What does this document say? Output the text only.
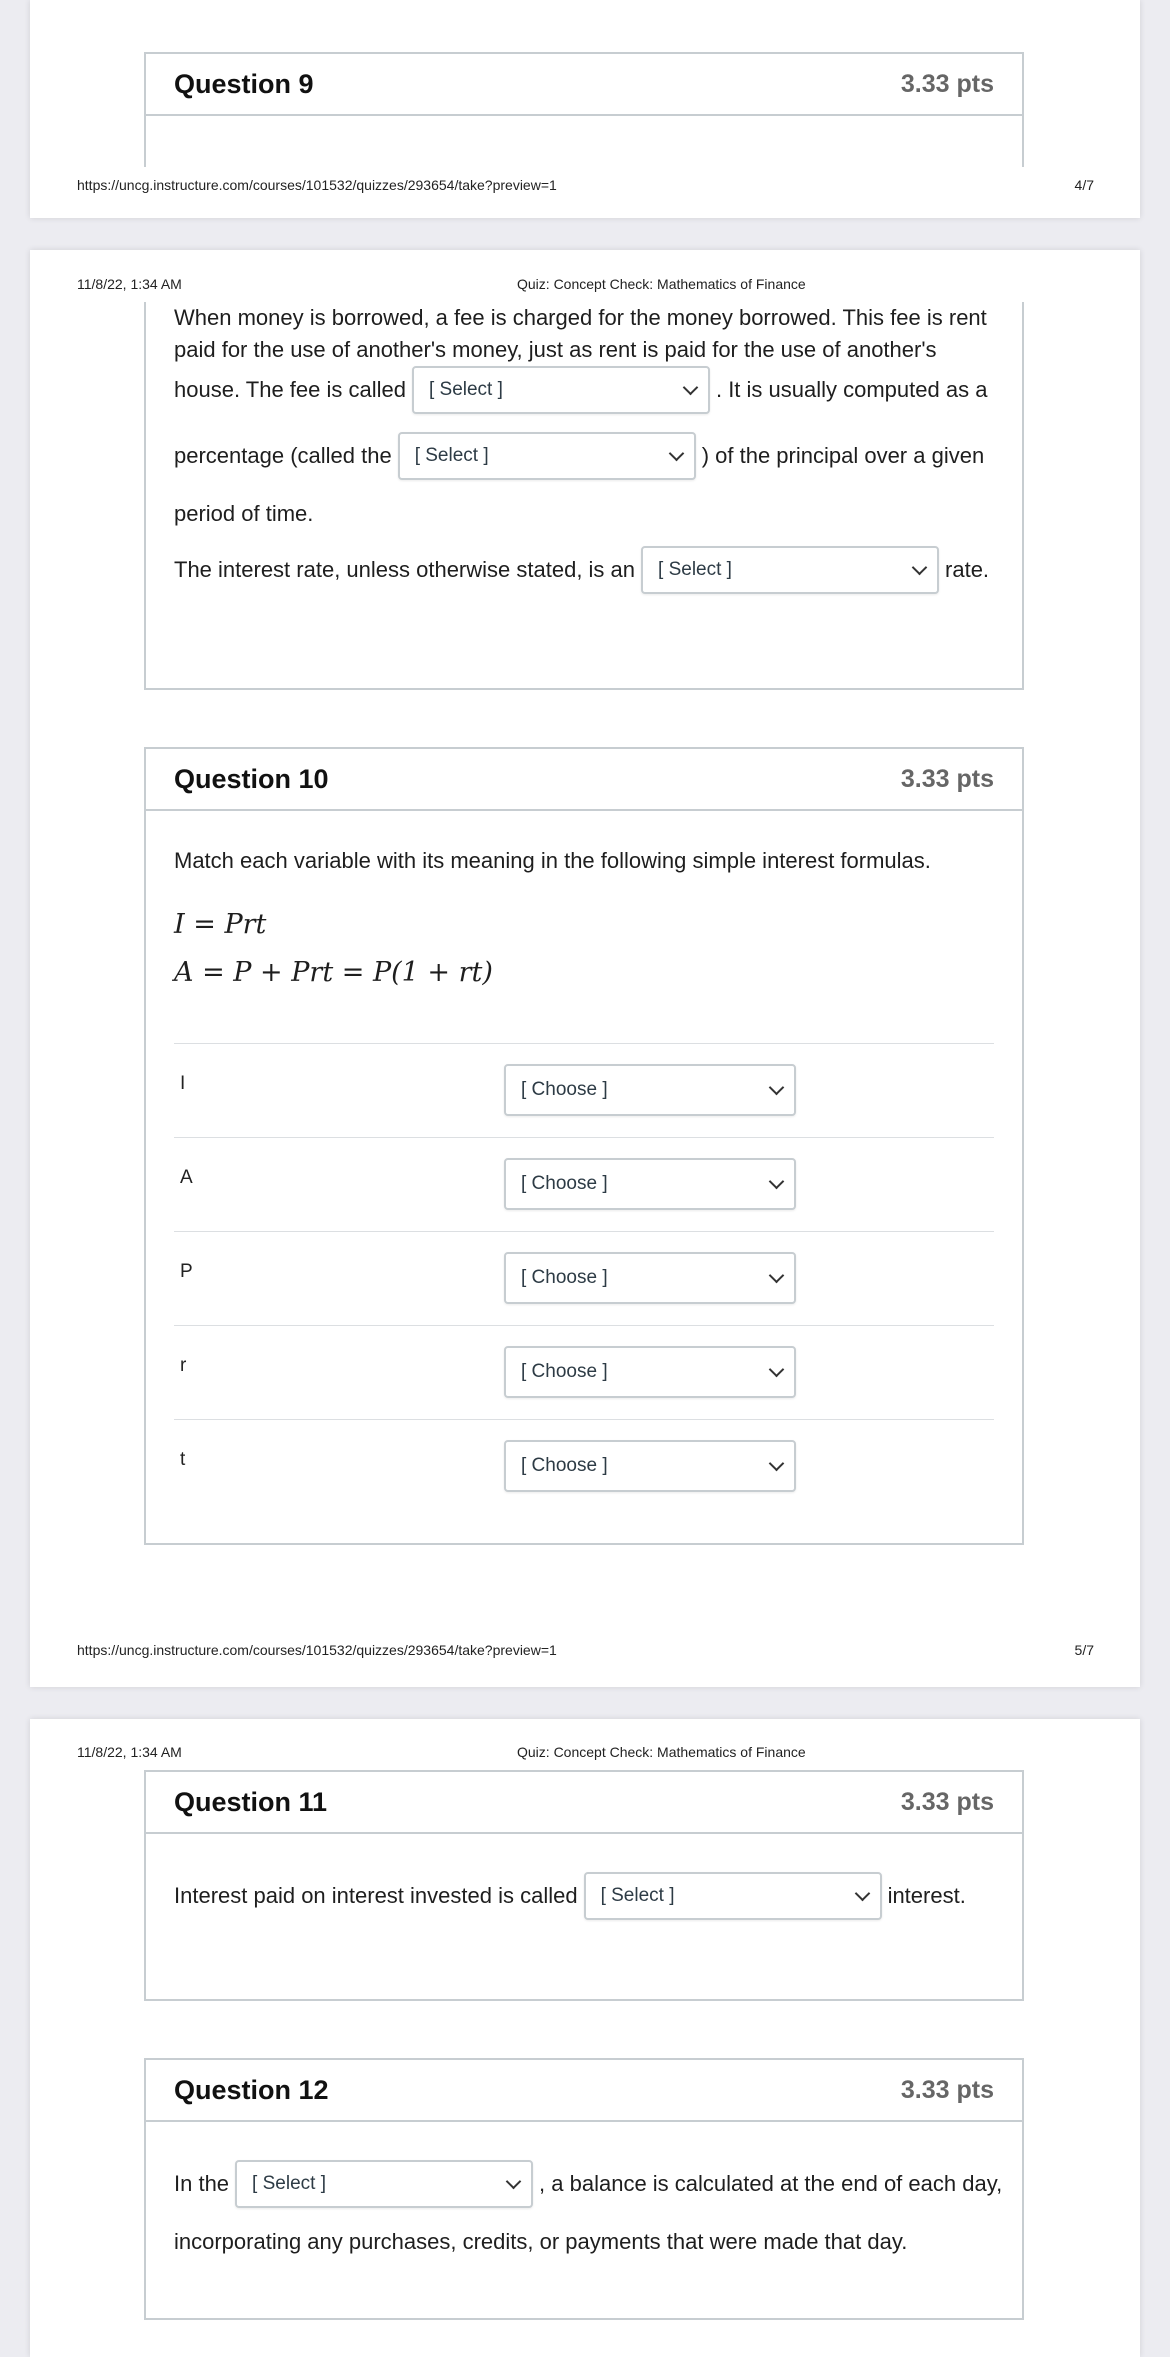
Question 9	3.33 pts
https://uncg.instructure.com/courses/101532/quizzes/293654/take?preview=1	4/7
11/8/22, 1:34 AM	Quiz: Concept Check: Mathematics of Finance
When money is borrowed, a fee is charged for the money borrowed. This fee is rent
paid for the use of another's money, just as rent is paid for the use of another's
house. The fee is called [ Select ]	. It is usually computed as a
percentage (called the [ Select ]	) of the principal over a given
period of time.
The interest rate, unless otherwise stated, is an [ Select ]	rate.
Question 10	3.33 pts
Match each variable with its meaning in the following simple interest formulas.
I = Prt
A = P + Prt = P(1 + rt)
I	[ Choose ]
A	[ Choose ]
P	[ Choose ]
r	[ Choose ]
t	[ Choose ]
https://uncg.instructure.com/courses/101532/quizzes/293654/take?preview=1	5/7
11/8/22, 1:34 AM	Quiz: Concept Check: Mathematics of Finance
Question 11	3.33 pts
Interest paid on interest invested is called [ Select ]	interest.
Question 12	3.33 pts
In the [ Select ]	, a balance is calculated at the end of each day,
incorporating any purchases, credits, or payments that were made that day.
